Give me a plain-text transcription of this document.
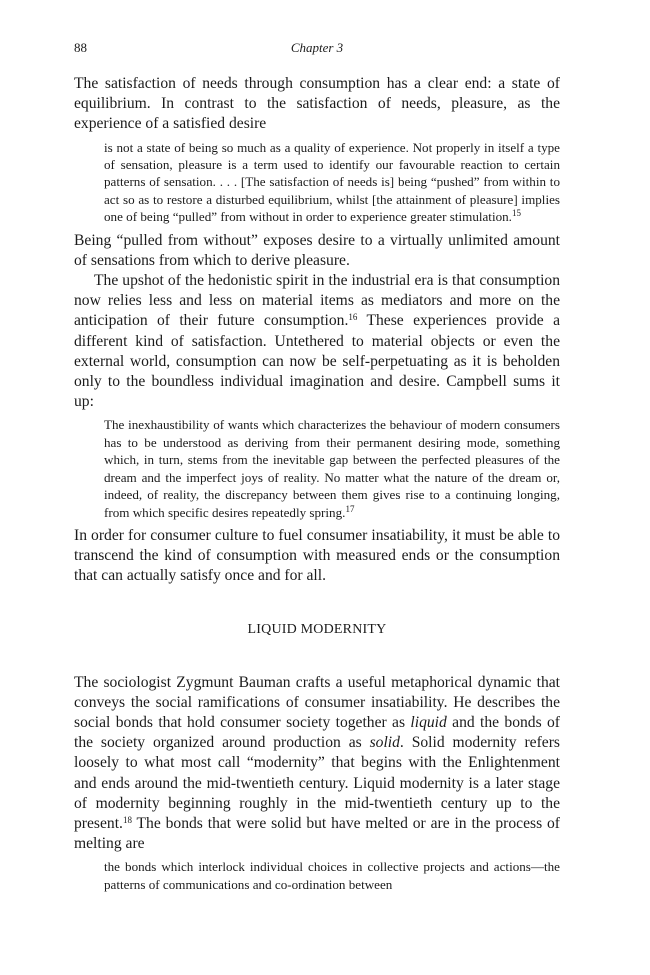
88	Chapter 3

The satisfaction of needs through consumption has a clear end: a state of equilibrium. In contrast to the satisfaction of needs, pleasure, as the experience of a satisfied desire

is not a state of being so much as a quality of experience. Not properly in itself a type of sensation, pleasure is a term used to identify our favourable reaction to certain patterns of sensation. . . . [The satisfaction of needs is] being “pushed” from within to act so as to restore a disturbed equilibrium, whilst [the attainment of pleasure] implies one of being “pulled” from without in order to experience greater stimulation.$^{15}$

Being “pulled from without” exposes desire to a virtually unlimited amount of sensations from which to derive pleasure.

The upshot of the hedonistic spirit in the industrial era is that consumption now relies less and less on material items as mediators and more on the anticipation of their future consumption.$^{16}$ These experiences provide a different kind of satisfaction. Untethered to material objects or even the external world, consumption can now be self-perpetuating as it is beholden only to the boundless individual imagination and desire. Campbell sums it up:

The inexhaustibility of wants which characterizes the behaviour of modern consumers has to be understood as deriving from their permanent desiring mode, something which, in turn, stems from the inevitable gap between the perfected pleasures of the dream and the imperfect joys of reality. No matter what the nature of the dream or, indeed, of reality, the discrepancy between them gives rise to a continuing longing, from which specific desires repeatedly spring.$^{17}$

In order for consumer culture to fuel consumer insatiability, it must be able to transcend the kind of consumption with measured ends or the consumption that can actually satisfy once and for all.

LIQUID MODERNITY

The sociologist Zygmunt Bauman crafts a useful metaphorical dynamic that conveys the social ramifications of consumer insatiability. He describes the social bonds that hold consumer society together as liquid and the bonds of the society organized around production as solid. Solid modernity refers loosely to what most call “modernity” that begins with the Enlightenment and ends around the mid-twentieth century. Liquid modernity is a later stage of modernity beginning roughly in the mid-twentieth century up to the present.$^{18}$ The bonds that were solid but have melted or are in the process of melting are

the bonds which interlock individual choices in collective projects and actions—the patterns of communications and co-ordination between
